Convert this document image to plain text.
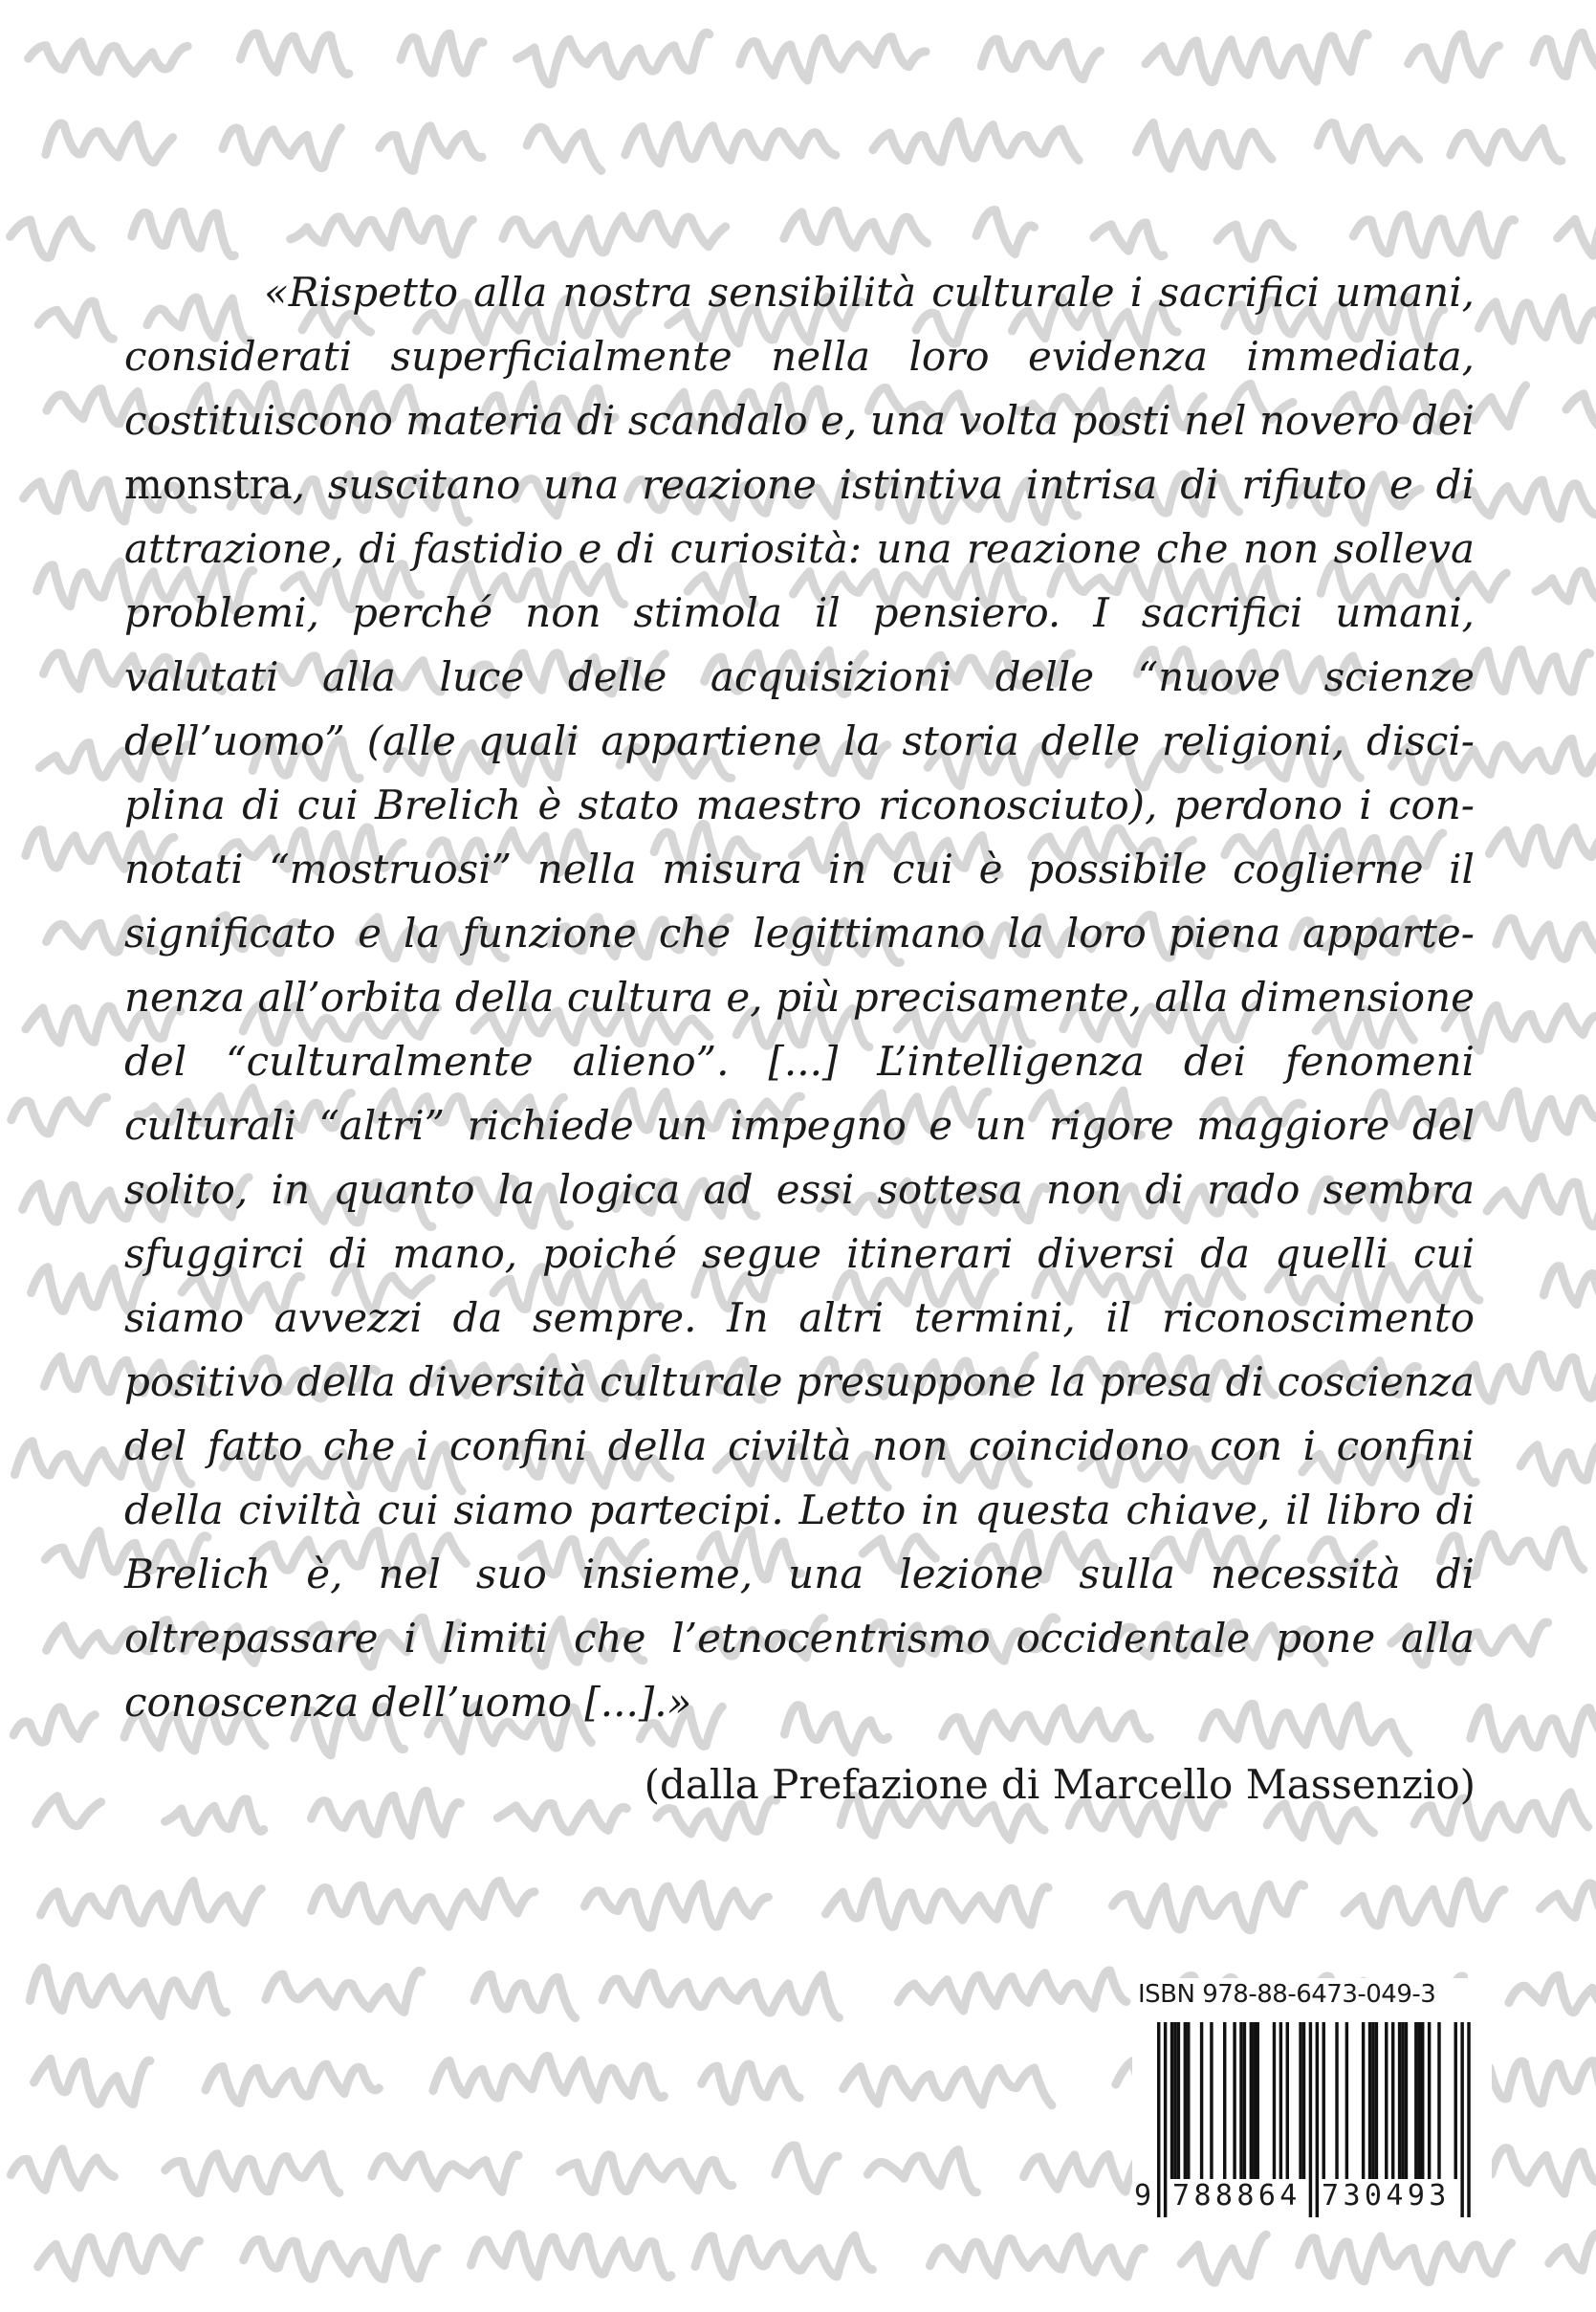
«Rispetto alla nostra sensibilità culturale i sacrifici umani, considerati superficialmente nella loro evidenza immediata, costituiscono materia di scandalo e, una volta posti nel novero dei monstra, suscitano una reazione istintiva intrisa di rifiuto e di attrazione, di fastidio e di curiosità: una reazione che non solleva problemi, perché non stimola il pensiero. I sacrifici umani, valutati alla luce delle acquisizioni delle “nuove scienze dell’uomo” (alle quali appartiene la storia delle religioni, disciplina di cui Brelich è stato maestro riconosciuto), perdono i connotati “mostruosi” nella misura in cui è possibile coglierne il significato e la funzione che legittimano la loro piena appartenenza all’orbita della cultura e, più precisamente, alla dimensione del “culturalmente alieno”. [...] L’intelligenza dei fenomeni culturali “altri” richiede un impegno e un rigore maggiore del solito, in quanto la logica ad essi sottesa non di rado sembra sfuggirci di mano, poiché segue itinerari diversi da quelli cui siamo avvezzi da sempre. In altri termini, il riconoscimento positivo della diversità culturale presuppone la presa di coscienza del fatto che i confini della civiltà non coincidono con i confini della civiltà cui siamo partecipi. Letto in questa chiave, il libro di Brelich è, nel suo insieme, una lezione sulla necessità di oltrepassare i limiti che l’etnocentrismo occidentale pone alla conoscenza dell’uomo [...].»

(dalla Prefazione di Marcello Massenzio)

ISBN 978-88-6473-049-3
9 788864 730493
